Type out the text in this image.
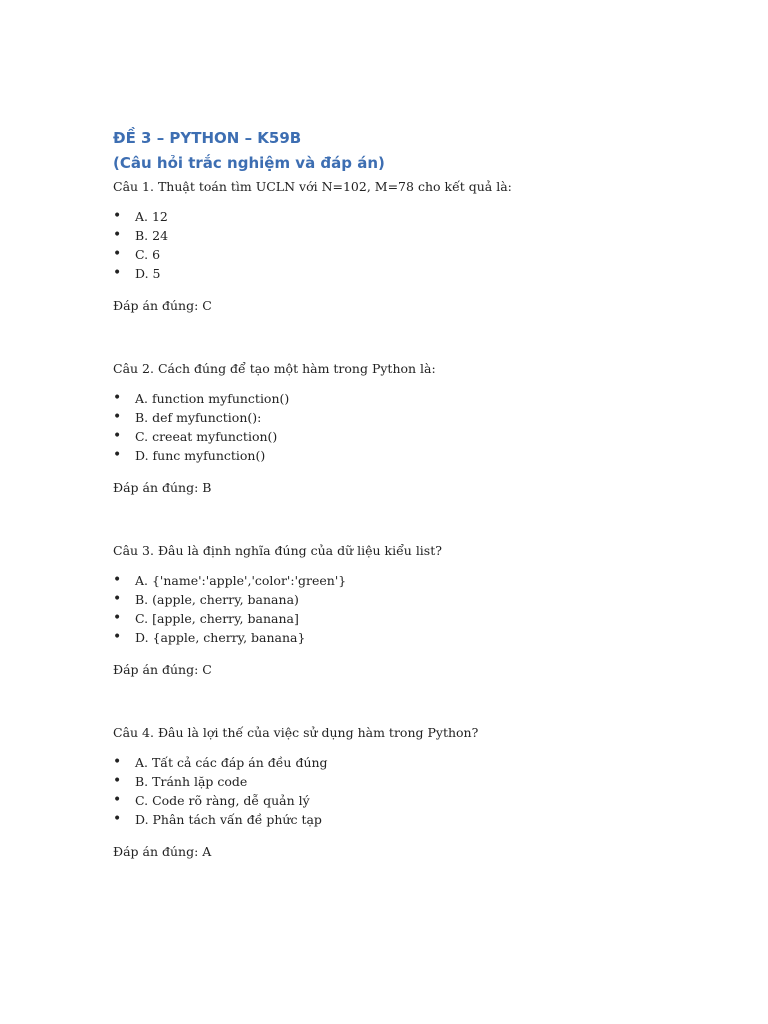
ĐỀ 3 – PYTHON – K59B
(Câu hỏi trắc nghiệm và đáp án)

Câu 1. Thuật toán tìm UCLN với N=102, M=78 cho kết quả là:

• A. 12
• B. 24
• C. 6
• D. 5

Đáp án đúng: C

Câu 2. Cách đúng để tạo một hàm trong Python là:

• A. function myfunction()
• B. def myfunction():
• C. creeat myfunction()
• D. func myfunction()

Đáp án đúng: B

Câu 3. Đâu là định nghĩa đúng của dữ liệu kiểu list?

• A. {'name':'apple','color':'green'}
• B. (apple, cherry, banana)
• C. [apple, cherry, banana]
• D. {apple, cherry, banana}

Đáp án đúng: C

Câu 4. Đâu là lợi thế của việc sử dụng hàm trong Python?

• A. Tất cả các đáp án đều đúng
• B. Tránh lặp code
• C. Code rõ ràng, dễ quản lý
• D. Phân tách vấn đề phức tạp

Đáp án đúng: A
